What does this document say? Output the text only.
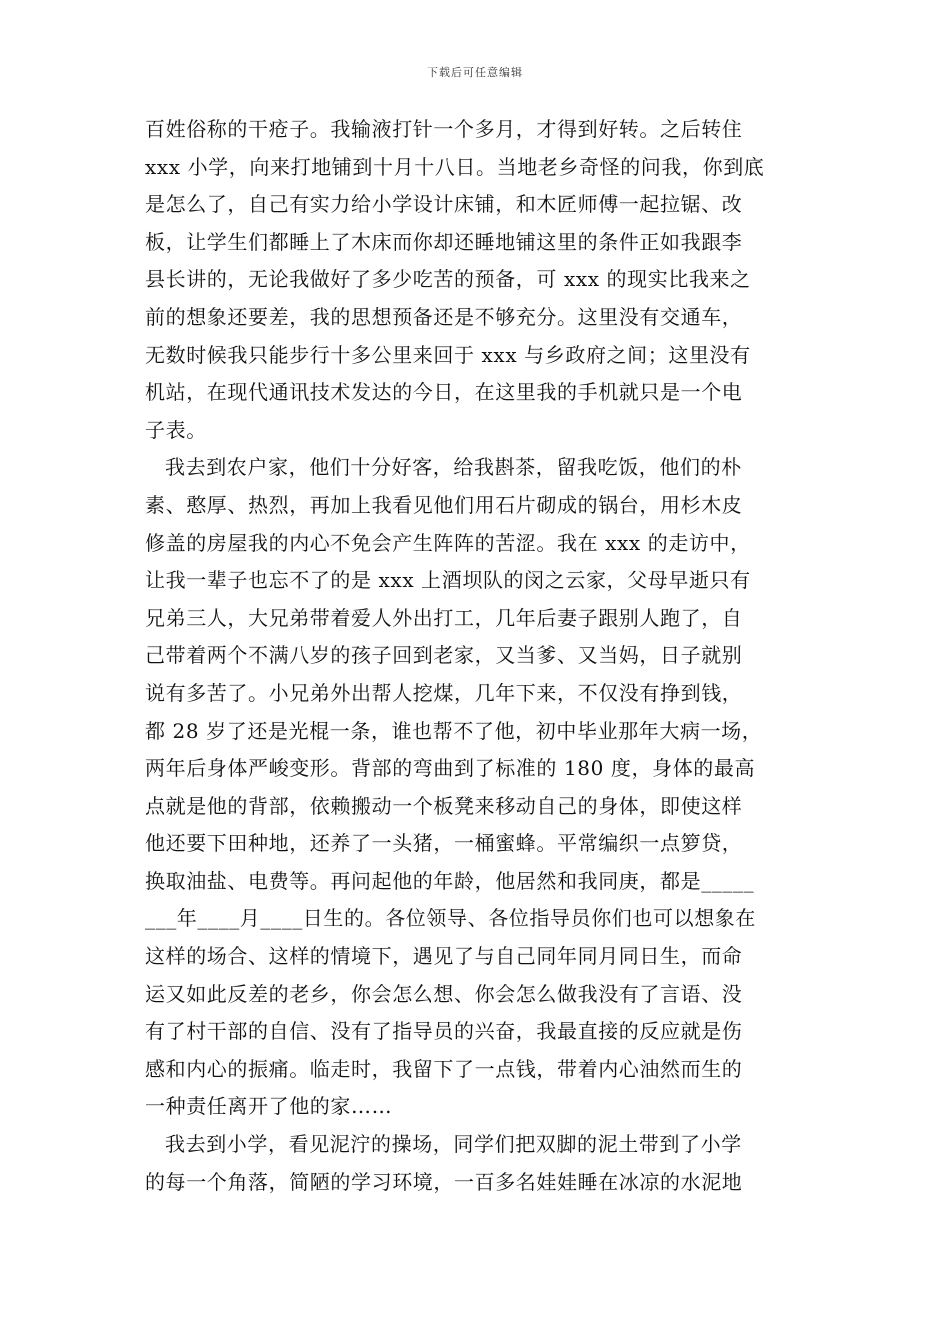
下载后可任意编辑
百姓俗称的干疮子。我输液打针一个多月，才得到好转。之后转住
xxx 小学，向来打地铺到十月十八日。当地老乡奇怪的问我，你到底
是怎么了，自己有实力给小学设计床铺，和木匠师傅一起拉锯、改
板，让学生们都睡上了木床而你却还睡地铺这里的条件正如我跟李
县长讲的，无论我做好了多少吃苦的预备，可 xxx 的现实比我来之
前的想象还要差，我的思想预备还是不够充分。这里没有交通车，
无数时候我只能步行十多公里来回于 xxx 与乡政府之间；这里没有
机站，在现代通讯技术发达的今日，在这里我的手机就只是一个电
子表。
我去到农户家，他们十分好客，给我斟茶，留我吃饭，他们的朴
素、憨厚、热烈，再加上我看见他们用石片砌成的锅台，用杉木皮
修盖的房屋我的内心不免会产生阵阵的苦涩。我在 xxx 的走访中，
让我一辈子也忘不了的是 xxx 上酒坝队的闵之云家，父母早逝只有
兄弟三人，大兄弟带着爱人外出打工，几年后妻子跟别人跑了，自
己带着两个不满八岁的孩子回到老家，又当爹、又当妈，日子就别
说有多苦了。小兄弟外出帮人挖煤，几年下来，不仅没有挣到钱，
都 28 岁了还是光棍一条，谁也帮不了他，初中毕业那年大病一场，
两年后身体严峻变形。背部的弯曲到了标准的 180 度，身体的最高
点就是他的背部，依赖搬动一个板凳来移动自己的身体，即使这样
他还要下田种地，还养了一头猪，一桶蜜蜂。平常编织一点箩贷，
换取油盐、电费等。再问起他的年龄，他居然和我同庚，都是_____
___年____月____日生的。各位领导、各位指导员你们也可以想象在
这样的场合、这样的情境下，遇见了与自己同年同月同日生，而命
运又如此反差的老乡，你会怎么想、你会怎么做我没有了言语、没
有了村干部的自信、没有了指导员的兴奋，我最直接的反应就是伤
感和内心的振痛。临走时，我留下了一点钱，带着内心油然而生的
一种责任离开了他的家……
我去到小学，看见泥泞的操场，同学们把双脚的泥土带到了小学
的每一个角落，简陋的学习环境，一百多名娃娃睡在冰凉的水泥地
